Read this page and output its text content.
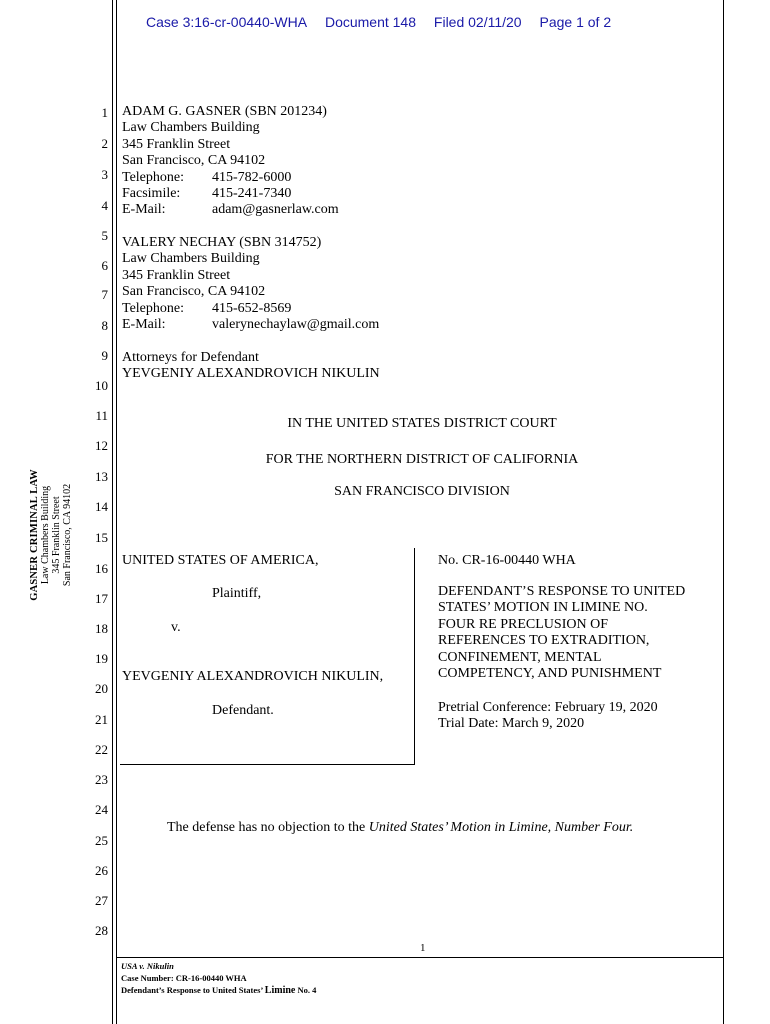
Case 3:16-cr-00440-WHA Document 148 Filed 02/11/20 Page 1 of 2
GASNER CRIMINAL LAW Law Chambers Building 345 Franklin Street San Francisco, CA 94102
1
2
3
4
5
6
7
8
9
10
11
12
13
14
15
16
17
18
19
20
21
22
23
24
25
26
27
28
ADAM G. GASNER (SBN 201234)
Law Chambers Building
345 Franklin Street
San Francisco, CA 94102
Telephone:	415-782-6000
Facsimile:	415-241-7340
E-Mail:	adam@gasnerlaw.com
VALERY NECHAY (SBN 314752)
Law Chambers Building
345 Franklin Street
San Francisco, CA 94102
Telephone:	415-652-8569
E-Mail:	valerynechaylaw@gmail.com
Attorneys for Defendant
YEVGENIY ALEXANDROVICH NIKULIN
IN THE UNITED STATES DISTRICT COURT
FOR THE NORTHERN DISTRICT OF CALIFORNIA
SAN FRANCISCO DIVISION
UNITED STATES OF AMERICA,
Plaintiff,
v.
YEVGENIY ALEXANDROVICH NIKULIN,
Defendant.
No. CR-16-00440 WHA
DEFENDANT’S RESPONSE TO UNITED
STATES’ MOTION IN LIMINE NO.
FOUR RE PRECLUSION OF
REFERENCES TO EXTRADITION,
CONFINEMENT, MENTAL
COMPETENCY, AND PUNISHMENT
Pretrial Conference: February 19, 2020
Trial Date: March 9, 2020
The defense has no objection to the United States’ Motion in Limine, Number Four.
1
USA v. Nikulin
Case Number: CR-16-00440 WHA
Defendant’s Response to United States’ Limine No. 4
